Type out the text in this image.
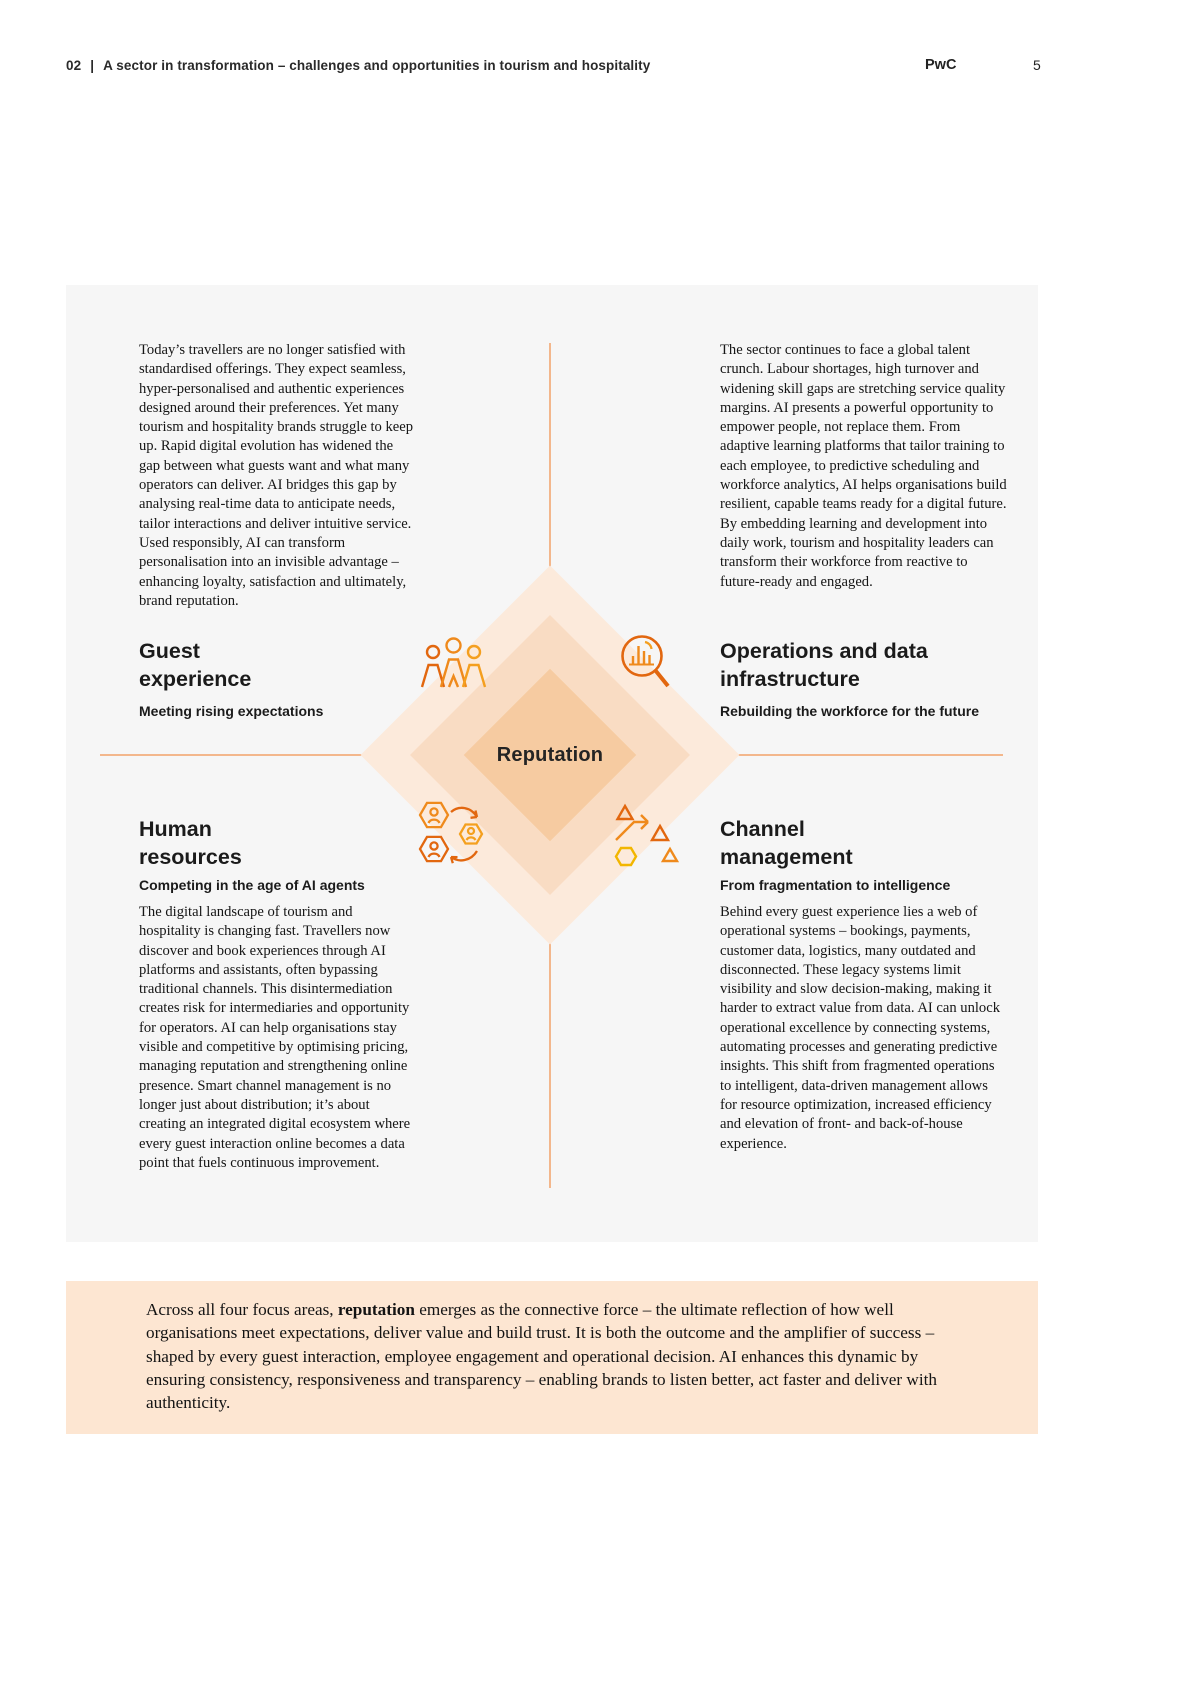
02 | A sector in transformation – challenges and opportunities in tourism and hospitality	PwC	5
Reputation

Today’s travellers are no longer satisfied with standardised offerings. They expect seamless, hyper-personalised and authentic experiences designed around their preferences. Yet many tourism and hospitality brands struggle to keep up. Rapid digital evolution has widened the gap between what guests want and what many operators can deliver. AI bridges this gap by analysing real-time data to anticipate needs, tailor interactions and deliver intuitive service. Used responsibly, AI can transform personalisation into an invisible advantage – enhancing loyalty, satisfaction and ultimately, brand reputation.

Guest
experience
Meeting rising expectations

The sector continues to face a global talent crunch. Labour shortages, high turnover and widening skill gaps are stretching service quality margins. AI presents a powerful opportunity to empower people, not replace them. From adaptive learning platforms that tailor training to each employee, to predictive scheduling and workforce analytics, AI helps organisations build resilient, capable teams ready for a digital future. By embedding learning and development into daily work, tourism and hospitality leaders can transform their workforce from reactive to future-ready and engaged.

Operations and data
infrastructure
Rebuilding the workforce for the future
Human
resources
Competing in the age of AI agents

The digital landscape of tourism and hospitality is changing fast. Travellers now discover and book experiences through AI platforms and assistants, often bypassing traditional channels. This disintermediation creates risk for intermediaries and opportunity for operators. AI can help organisations stay visible and competitive by optimising pricing, managing reputation and strengthening online presence. Smart channel management is no longer just about distribution; it’s about creating an integrated digital ecosystem where every guest interaction online becomes a data point that fuels continuous improvement.

Channel
management
From fragmentation to intelligence

Behind every guest experience lies a web of operational systems – bookings, payments, customer data, logistics, many outdated and disconnected. These legacy systems limit visibility and slow decision-making, making it harder to extract value from data. AI can unlock operational excellence by connecting systems, automating processes and generating predictive insights. This shift from fragmented operations to intelligent, data-driven management allows for resource optimization, increased efficiency and elevation of front- and back-of-house experience.

Across all four focus areas, reputation emerges as the connective force – the ultimate reflection of how well organisations meet expectations, deliver value and build trust. It is both the outcome and the amplifier of success – shaped by every guest interaction, employee engagement and operational decision. AI enhances this dynamic by ensuring consistency, responsiveness and transparency – enabling brands to listen better, act faster and deliver with authenticity.
